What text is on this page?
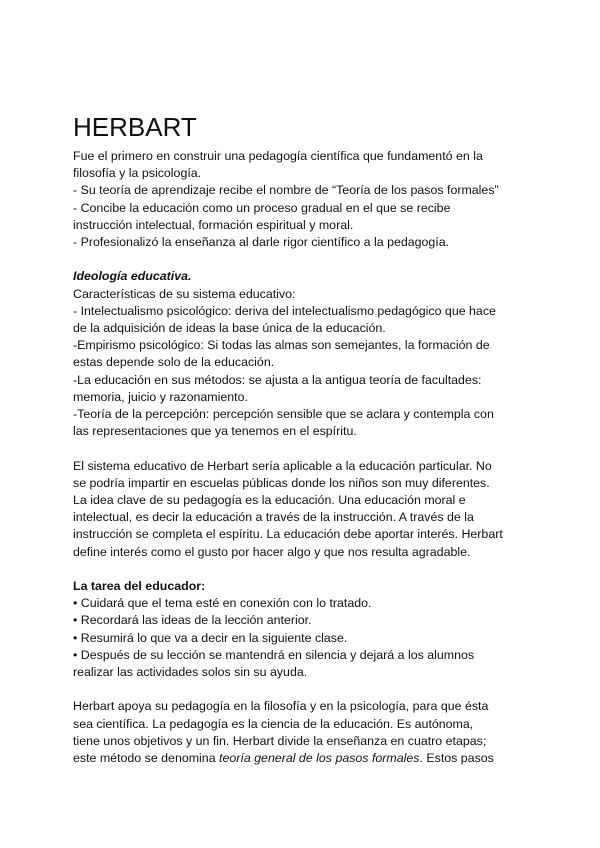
HERBART
Fue el primero en construir una pedagogía científica que fundamentó en la
filosofía y la psicología.
- Su teoría de aprendizaje recibe el nombre de “Teoría de los pasos formales”
- Concibe la educación como un proceso gradual en el que se recibe
instrucción intelectual, formación espiritual y moral.
- Profesionalizó la enseñanza al darle rigor científico a la pedagogía.
Ideología educativa.
Características de su sistema educativo:
- Intelectualismo psicológico: deriva del intelectualismo pedagógico que hace
de la adquisición de ideas la base única de la educación.
-Empirismo psicológico: Si todas las almas son semejantes, la formación de
estas depende solo de la educación.
-La educación en sus métodos: se ajusta a la antigua teoría de facultades:
memoria, juicio y razonamiento.
-Teoría de la percepción: percepción sensible que se aclara y contempla con
las representaciones que ya tenemos en el espíritu.
El sistema educativo de Herbart sería aplicable a la educación particular. No
se podría impartir en escuelas públicas donde los niños son muy diferentes.
La idea clave de su pedagogía es la educación. Una educación moral e
intelectual, es decir la educación a través de la instrucción. A través de la
instrucción se completa el espíritu. La educación debe aportar interés. Herbart
define interés como el gusto por hacer algo y que nos resulta agradable.
La tarea del educador:
• Cuidará que el tema esté en conexión con lo tratado.
• Recordará las ideas de la lección anterior.
• Resumirá lo que va a decir en la siguiente clase.
• Después de su lección se mantendrá en silencia y dejará a los alumnos
realizar las actividades solos sin su ayuda.
Herbart apoya su pedagogía en la filosofía y en la psicología, para que ésta
sea científica. La pedagogía es la ciencia de la educación. Es autónoma,
tiene unos objetivos y un fin. Herbart divide la enseñanza en cuatro etapas;
este método se denomina teoría general de los pasos formales. Estos pasos
